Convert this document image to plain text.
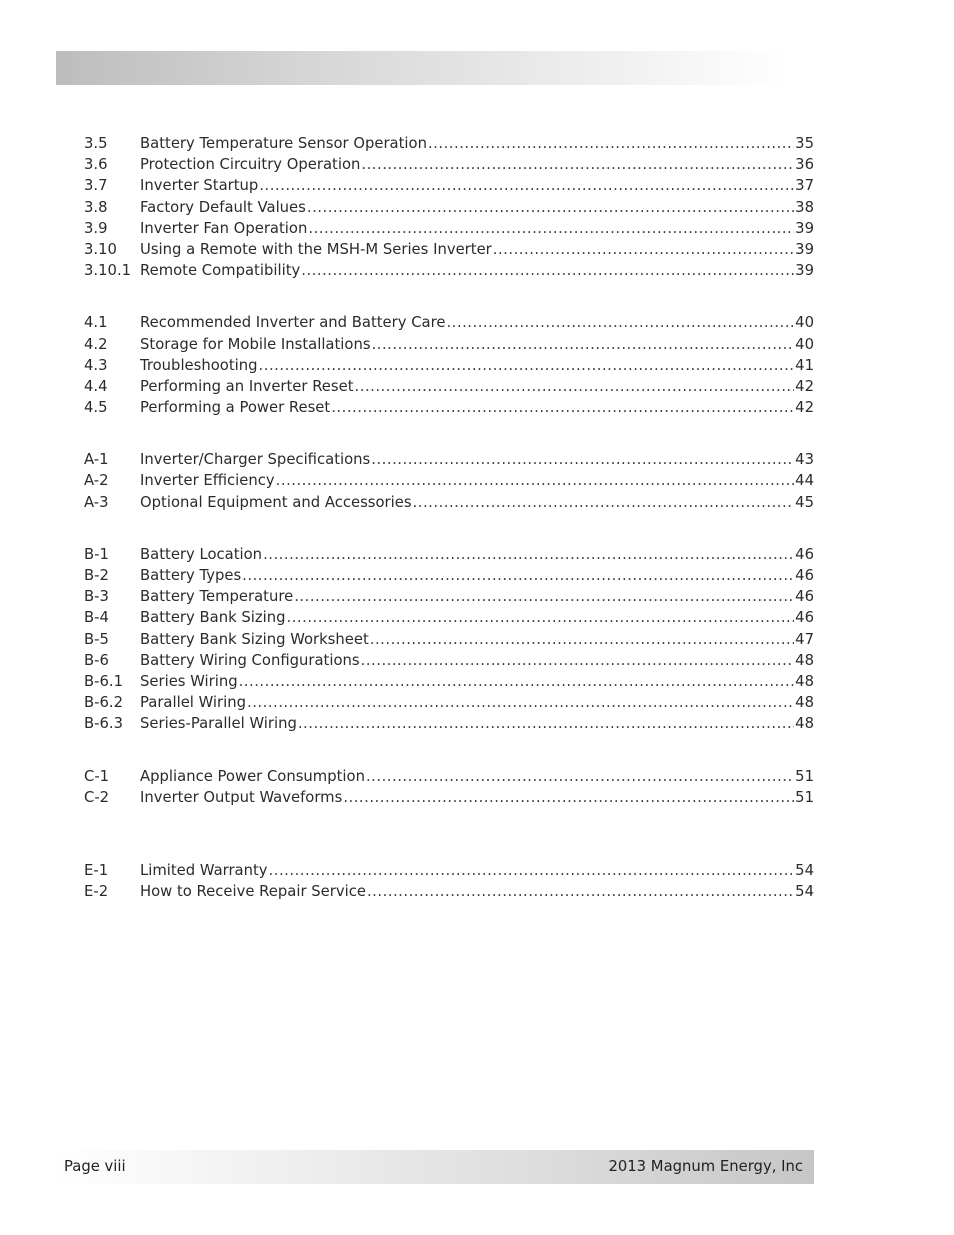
3.5	Battery Temperature Sensor Operation .....	35
3.6	Protection Circuitry Operation .....	36
3.7	Inverter Startup .....	37
3.8	Factory Default Values .....	38
3.9	Inverter Fan Operation .....	39
3.10	Using a Remote with the MSH-M Series Inverter .....	39
3.10.1 Remote Compatibility .....	39
4.1	Recommended Inverter and Battery Care .....	40
4.2	Storage for Mobile Installations .....	40
4.3	Troubleshooting .....	41
4.4	Performing an Inverter Reset .....	42
4.5	Performing a Power Reset .....	42
A-1	Inverter/Charger Specifications .....	43
A-2	Inverter Efficiency .....	44
A-3	Optional Equipment and Accessories .....	45
B-1	Battery Location .....	46
B-2	Battery Types .....	46
B-3	Battery Temperature .....	46
B-4	Battery Bank Sizing .....	46
B-5	Battery Bank Sizing Worksheet .....	47
B-6	Battery Wiring Configurations .....	48
B-6.1	Series Wiring .....	48
B-6.2	Parallel Wiring .....	48
B-6.3	Series-Parallel Wiring .....	48
C-1	Appliance Power Consumption .....	51
C-2	Inverter Output Waveforms .....	51
E-1	Limited Warranty .....	54
E-2	How to Receive Repair Service .....	54
Page viii	2013 Magnum Energy, Inc
